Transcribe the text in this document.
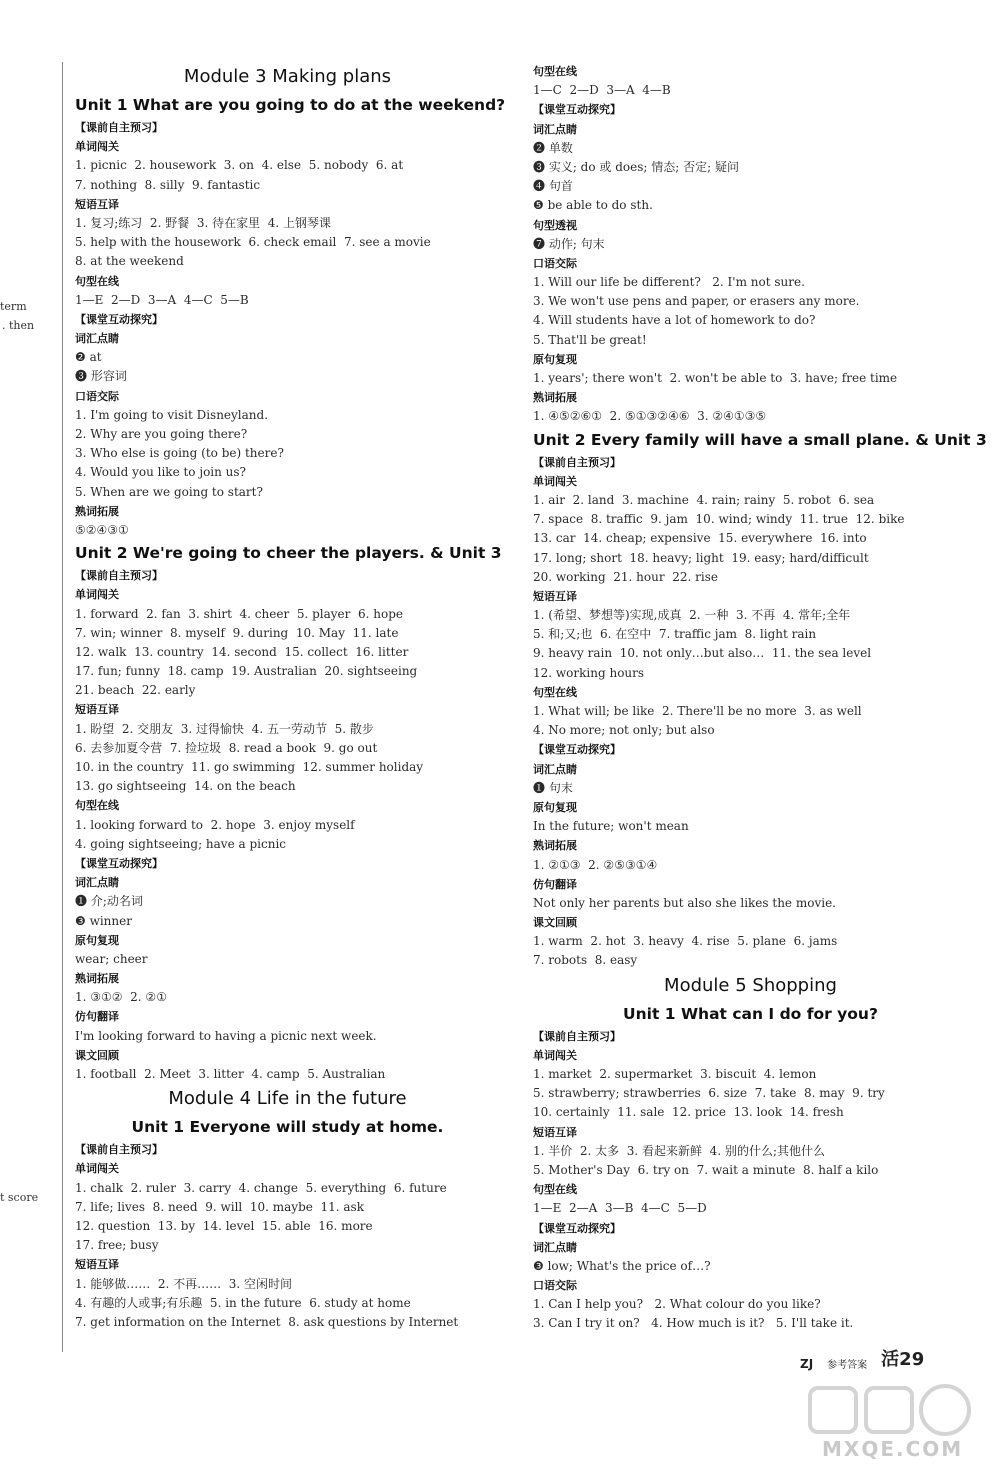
term
. then
t score
Module 3 Making plans
Unit 1 What are you going to do at the weekend?
【课前自主预习】
单词闯关
1. picnic  2. housework  3. on  4. else  5. nobody  6. at
7. nothing  8. silly  9. fantastic
短语互译
1. 复习;练习  2. 野餐  3. 待在家里  4. 上钢琴课
5. help with the housework  6. check email  7. see a movie
8. at the weekend
句型在线
1—E  2—D  3—A  4—C  5—B
【课堂互动探究】
词汇点睛
❷ at
❸ 形容词
口语交际
1. I'm going to visit Disneyland.
2. Why are you going there?
3. Who else is going (to be) there?
4. Would you like to join us?
5. When are we going to start?
熟词拓展
⑤②④③①
Unit 2 We're going to cheer the players. & Unit 3
【课前自主预习】
单词闯关
1. forward  2. fan  3. shirt  4. cheer  5. player  6. hope
7. win; winner  8. myself  9. during  10. May  11. late
12. walk  13. country  14. second  15. collect  16. litter
17. fun; funny  18. camp  19. Australian  20. sightseeing
21. beach  22. early
短语互译
1. 盼望  2. 交朋友  3. 过得愉快  4. 五一劳动节  5. 散步
6. 去参加夏令营  7. 捡垃圾  8. read a book  9. go out
10. in the country  11. go swimming  12. summer holiday
13. go sightseeing  14. on the beach
句型在线
1. looking forward to  2. hope  3. enjoy myself
4. going sightseeing; have a picnic
【课堂互动探究】
词汇点睛
❶ 介;动名词
❸ winner
原句复现
wear; cheer
熟词拓展
1. ③①②  2. ②①
仿句翻译
I'm looking forward to having a picnic next week.
课文回顾
1. football  2. Meet  3. litter  4. camp  5. Australian
Module 4 Life in the future
Unit 1 Everyone will study at home.
【课前自主预习】
单词闯关
1. chalk  2. ruler  3. carry  4. change  5. everything  6. future
7. life; lives  8. need  9. will  10. maybe  11. ask
12. question  13. by  14. level  15. able  16. more
17. free; busy
短语互译
1. 能够做……  2. 不再……  3. 空闲时间
4. 有趣的人或事;有乐趣  5. in the future  6. study at home
7. get information on the Internet  8. ask questions by Internet
句型在线
1—C  2—D  3—A  4—B
【课堂互动探究】
词汇点睛
❷ 单数
❸ 实义; do 或 does; 情态; 否定; 疑问
❹ 句首
❺ be able to do sth.
句型透视
❼ 动作; 句末
口语交际
1. Will our life be different?   2. I'm not sure.
3. We won't use pens and paper, or erasers any more.
4. Will students have a lot of homework to do?
5. That'll be great!
原句复现
1. years'; there won't  2. won't be able to  3. have; free time
熟词拓展
1. ④⑤②⑥①  2. ⑤①③②④⑥  3. ②④①③⑤
Unit 2 Every family will have a small plane. & Unit 3
【课前自主预习】
单词闯关
1. air  2. land  3. machine  4. rain; rainy  5. robot  6. sea
7. space  8. traffic  9. jam  10. wind; windy  11. true  12. bike
13. car  14. cheap; expensive  15. everywhere  16. into
17. long; short  18. heavy; light  19. easy; hard/difficult
20. working  21. hour  22. rise
短语互译
1. (希望、梦想等)实现,成真  2. 一种  3. 不再  4. 常年;全年
5. 和;又;也  6. 在空中  7. traffic jam  8. light rain
9. heavy rain  10. not only…but also…  11. the sea level
12. working hours
句型在线
1. What will; be like  2. There'll be no more  3. as well
4. No more; not only; but also
【课堂互动探究】
词汇点睛
❶ 句末
原句复现
In the future; won't mean
熟词拓展
1. ②①③  2. ②⑤③①④
仿句翻译
Not only her parents but also she likes the movie.
课文回顾
1. warm  2. hot  3. heavy  4. rise  5. plane  6. jams
7. robots  8. easy
Module 5 Shopping
Unit 1 What can I do for you?
【课前自主预习】
单词闯关
1. market  2. supermarket  3. biscuit  4. lemon
5. strawberry; strawberries  6. size  7. take  8. may  9. try
10. certainly  11. sale  12. price  13. look  14. fresh
短语互译
1. 半价  2. 太多  3. 看起来新鲜  4. 别的什么;其他什么
5. Mother's Day  6. try on  7. wait a minute  8. half a kilo
句型在线
1—E  2—A  3—B  4—C  5—D
【课堂互动探究】
词汇点睛
❸ low; What's the price of…?
口语交际
1. Can I help you?   2. What colour do you like?
3. Can I try it on?   4. How much is it?   5. I'll take it.
ZJ 参考答案 活29
MXQE.COM
